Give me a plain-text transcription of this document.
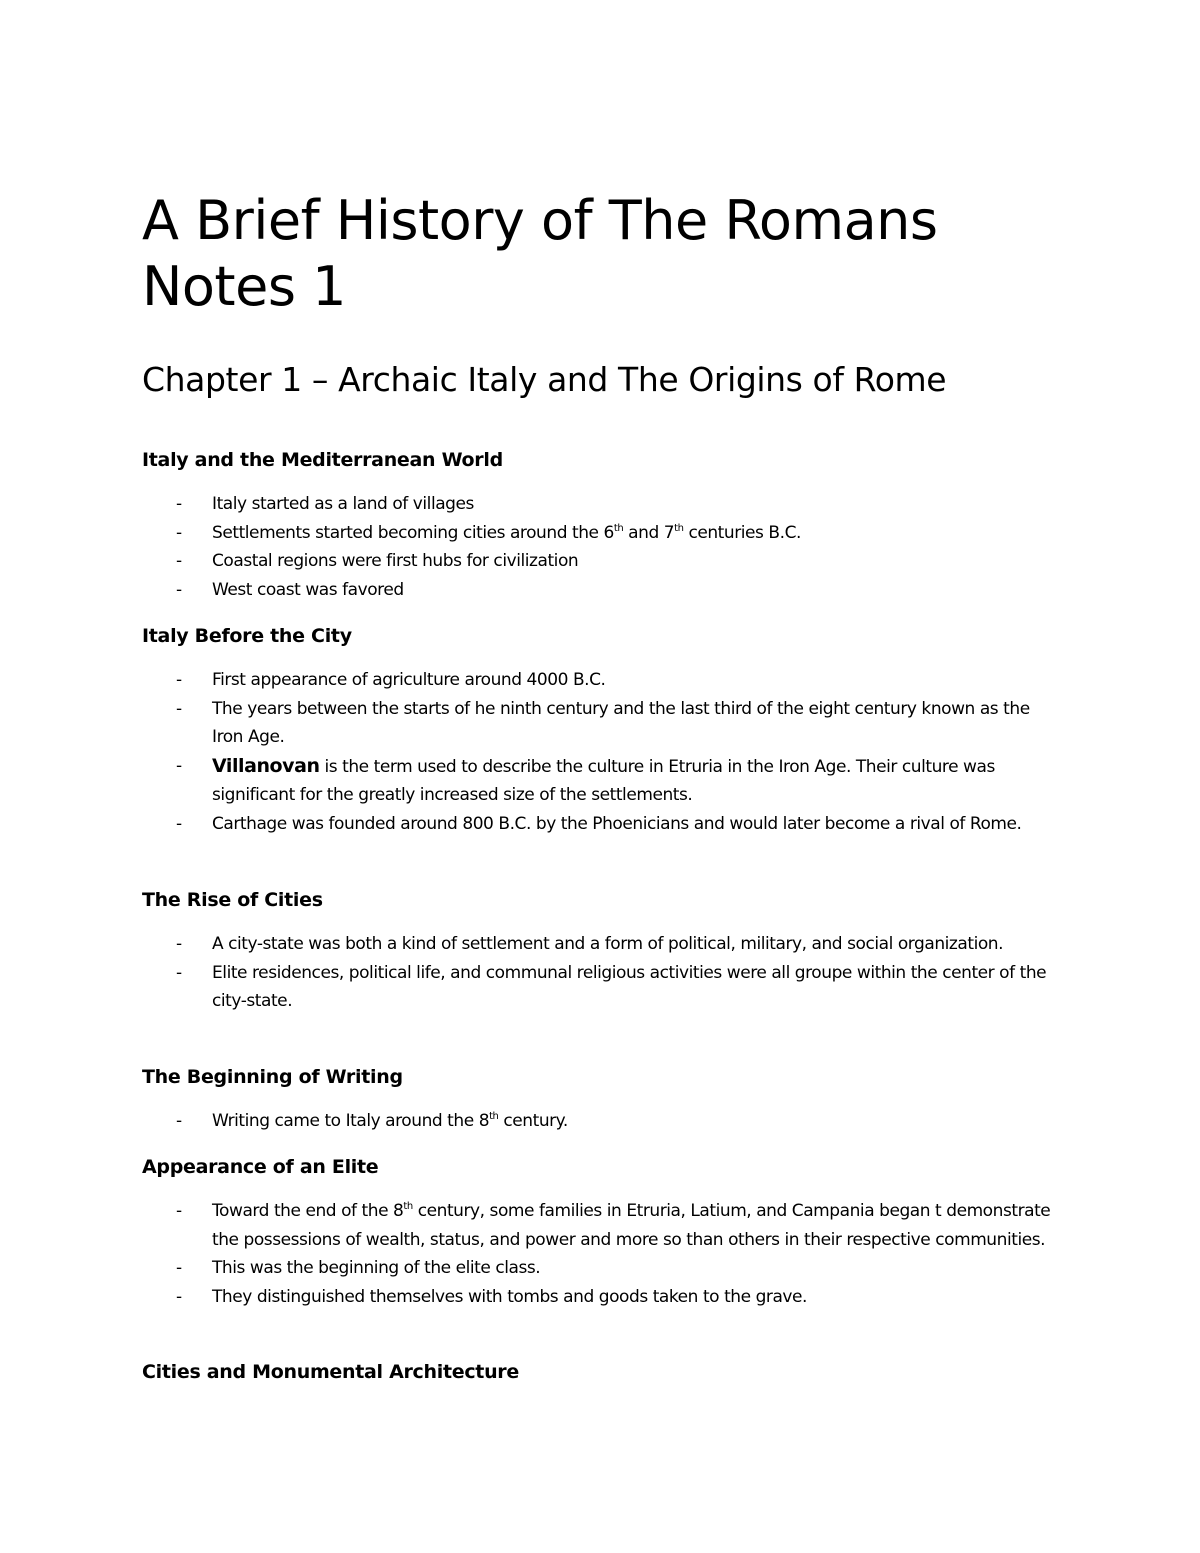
A Brief History of The Romans
Notes 1
Chapter 1 – Archaic Italy and The Origins of Rome
Italy and the Mediterranean World
- Italy started as a land of villages
- Settlements started becoming cities around the 6th and 7th centuries B.C.
- Coastal regions were first hubs for civilization
- West coast was favored
Italy Before the City
- First appearance of agriculture around 4000 B.C.
- The years between the starts of he ninth century and the last third of the eight century known as the Iron Age.
- Villanovan is the term used to describe the culture in Etruria in the Iron Age. Their culture was significant for the greatly increased size of the settlements.
- Carthage was founded around 800 B.C. by the Phoenicians and would later become a rival of Rome.
The Rise of Cities
- A city-state was both a kind of settlement and a form of political, military, and social organization.
- Elite residences, political life, and communal religious activities were all groupe within the center of the city-state.
The Beginning of Writing
- Writing came to Italy around the 8th century.
Appearance of an Elite
- Toward the end of the 8th century, some families in Etruria, Latium, and Campania began t demonstrate the possessions of wealth, status, and power and more so than others in their respective communities.
- This was the beginning of the elite class.
- They distinguished themselves with tombs and goods taken to the grave.
Cities and Monumental Architecture
